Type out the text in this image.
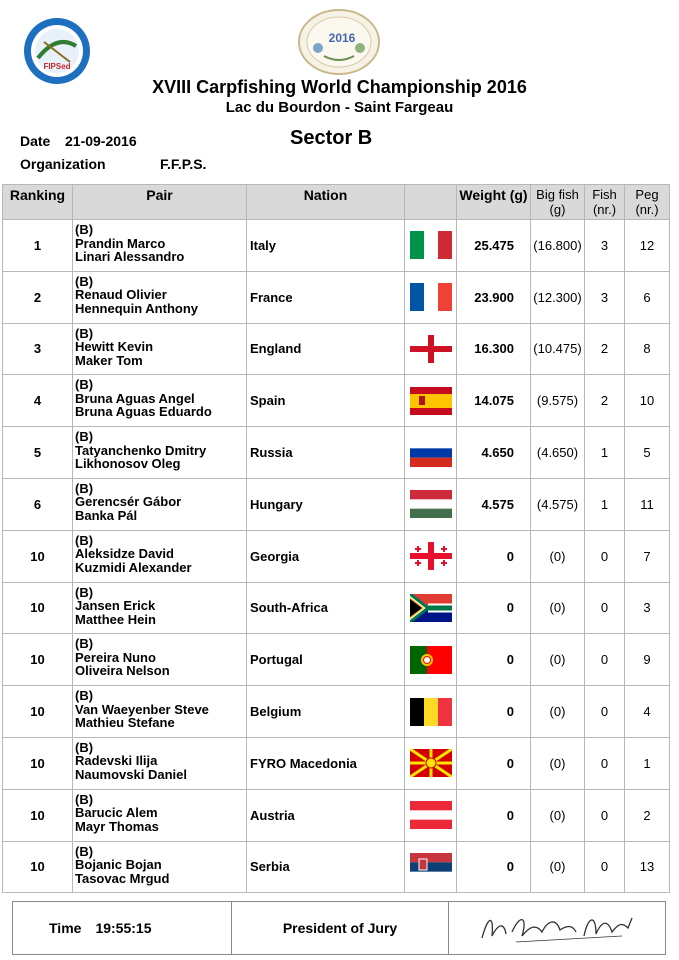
FIPSed
2016
XVIII Carpfishing World Championship 2016
Lac du Bourdon - Saint Fargeau
Date 21-09-2016
Organization	F.F.P.S.
Sector B
Ranking	Pair	Nation		Weight (g)	Big fish (g)	Fish (nr.)	Peg (nr.)
1	(B)
Prandin Marco
Linari Alessandro	Italy		25.475	(16.800)	3	12
2	(B)
Renaud Olivier
Hennequin Anthony	France		23.900	(12.300)	3	6
3	(B)
Hewitt Kevin
Maker Tom	England		16.300	(10.475)	2	8
4	(B)
Bruna Aguas Angel
Bruna Aguas Eduardo	Spain		14.075	(9.575)	2	10
5	(B)
Tatyanchenko Dmitry
Likhonosov Oleg	Russia		4.650	(4.650)	1	5
6	(B)
Gerencsér Gábor
Banka Pál	Hungary		4.575	(4.575)	1	11
10	(B)
Aleksidze David
Kuzmidi Alexander	Georgia		0	(0)	0	7
10	(B)
Jansen Erick
Matthee Hein	South-Africa		0	(0)	0	3
10	(B)
Pereira Nuno
Oliveira Nelson	Portugal		0	(0)	0	9
10	(B)
Van Waeyenber Steve
Mathieu Stefane	Belgium		0	(0)	0	4
10	(B)
Radevski Ilija
Naumovski Daniel	FYRO Macedonia		0	(0)	0	1
10	(B)
Barucic Alem
Mayr Thomas	Austria		0	(0)	0	2
10	(B)
Bojanic Bojan
Tasovac Mrgud	Serbia		0	(0)	0	13
Time 19:55:15	President of Jury
